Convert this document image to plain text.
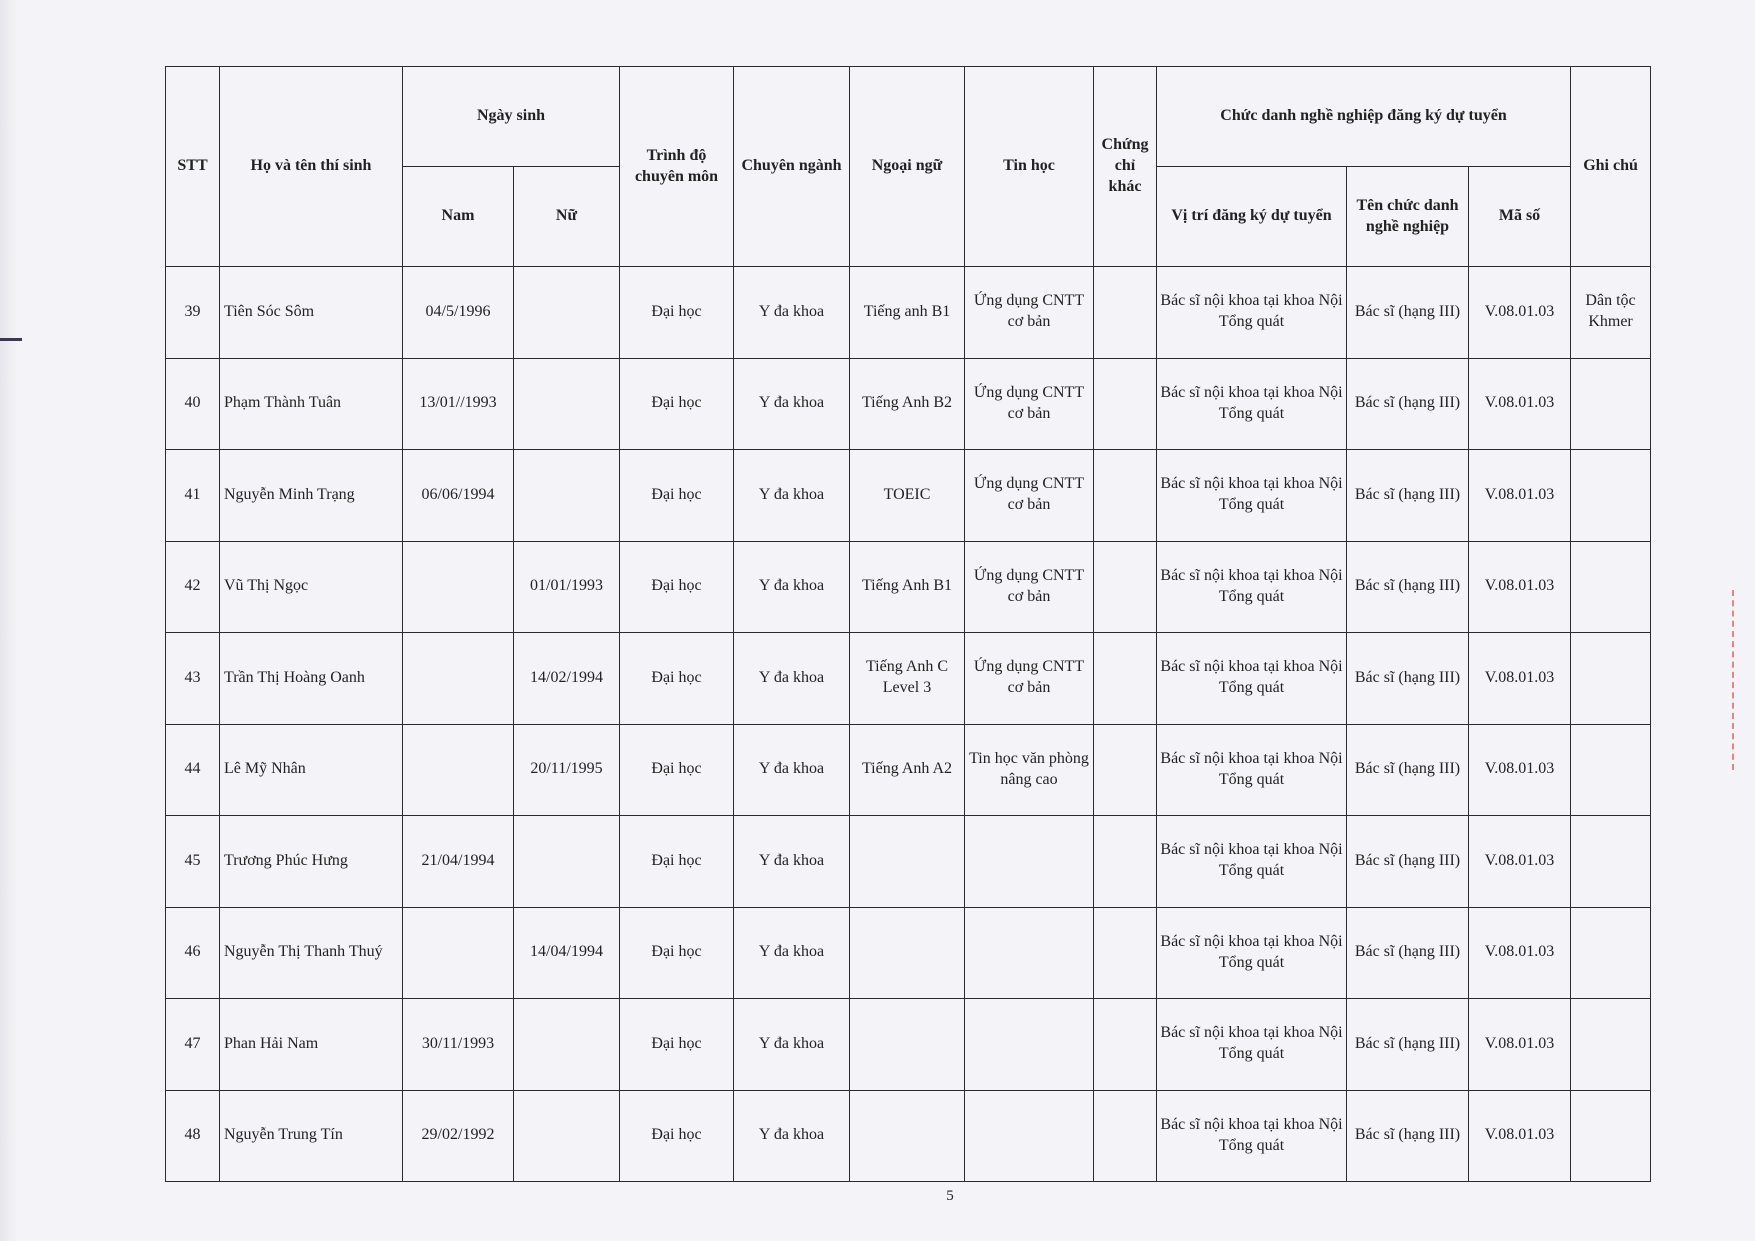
STT	Họ và tên thí sinh	Ngày sinh		Trình độ chuyên môn	Chuyên ngành	Ngoại ngữ	Tin học	Chứng chỉ khác	Chức danh nghề nghiệp đăng ký dự tuyển			Ghi chú
		Nam	Nữ						Vị trí đăng ký dự tuyển	Tên chức danh nghề nghiệp	Mã số	
39	Tiên Sóc Sôm	04/5/1996		Đại học	Y đa khoa	Tiếng anh B1	Ứng dụng CNTT cơ bản		Bác sĩ nội khoa tại khoa Nội Tổng quát	Bác sĩ (hạng III)	V.08.01.03	Dân tộc Khmer
40	Phạm Thành Tuân	13/01//1993		Đại học	Y đa khoa	Tiếng Anh B2	Ứng dụng CNTT cơ bản		Bác sĩ nội khoa tại khoa Nội Tổng quát	Bác sĩ (hạng III)	V.08.01.03	
41	Nguyễn Minh Trạng	06/06/1994		Đại học	Y đa khoa	TOEIC	Ứng dụng CNTT cơ bản		Bác sĩ nội khoa tại khoa Nội Tổng quát	Bác sĩ (hạng III)	V.08.01.03	
42	Vũ Thị Ngọc		01/01/1993	Đại học	Y đa khoa	Tiếng Anh B1	Ứng dụng CNTT cơ bản		Bác sĩ nội khoa tại khoa Nội Tổng quát	Bác sĩ (hạng III)	V.08.01.03	
43	Trần Thị Hoàng Oanh		14/02/1994	Đại học	Y đa khoa	Tiếng Anh C Level 3	Ứng dụng CNTT cơ bản		Bác sĩ nội khoa tại khoa Nội Tổng quát	Bác sĩ (hạng III)	V.08.01.03	
44	Lê Mỹ Nhân		20/11/1995	Đại học	Y đa khoa	Tiếng Anh A2	Tin học văn phòng nâng cao		Bác sĩ nội khoa tại khoa Nội Tổng quát	Bác sĩ (hạng III)	V.08.01.03	
45	Trương Phúc Hưng	21/04/1994		Đại học	Y đa khoa				Bác sĩ nội khoa tại khoa Nội Tổng quát	Bác sĩ (hạng III)	V.08.01.03	
46	Nguyễn Thị Thanh Thuý		14/04/1994	Đại học	Y đa khoa				Bác sĩ nội khoa tại khoa Nội Tổng quát	Bác sĩ (hạng III)	V.08.01.03	
47	Phan Hải Nam	30/11/1993		Đại học	Y đa khoa				Bác sĩ nội khoa tại khoa Nội Tổng quát	Bác sĩ (hạng III)	V.08.01.03	
48	Nguyễn Trung Tín	29/02/1992		Đại học	Y đa khoa				Bác sĩ nội khoa tại khoa Nội Tổng quát	Bác sĩ (hạng III)	V.08.01.03	
5
